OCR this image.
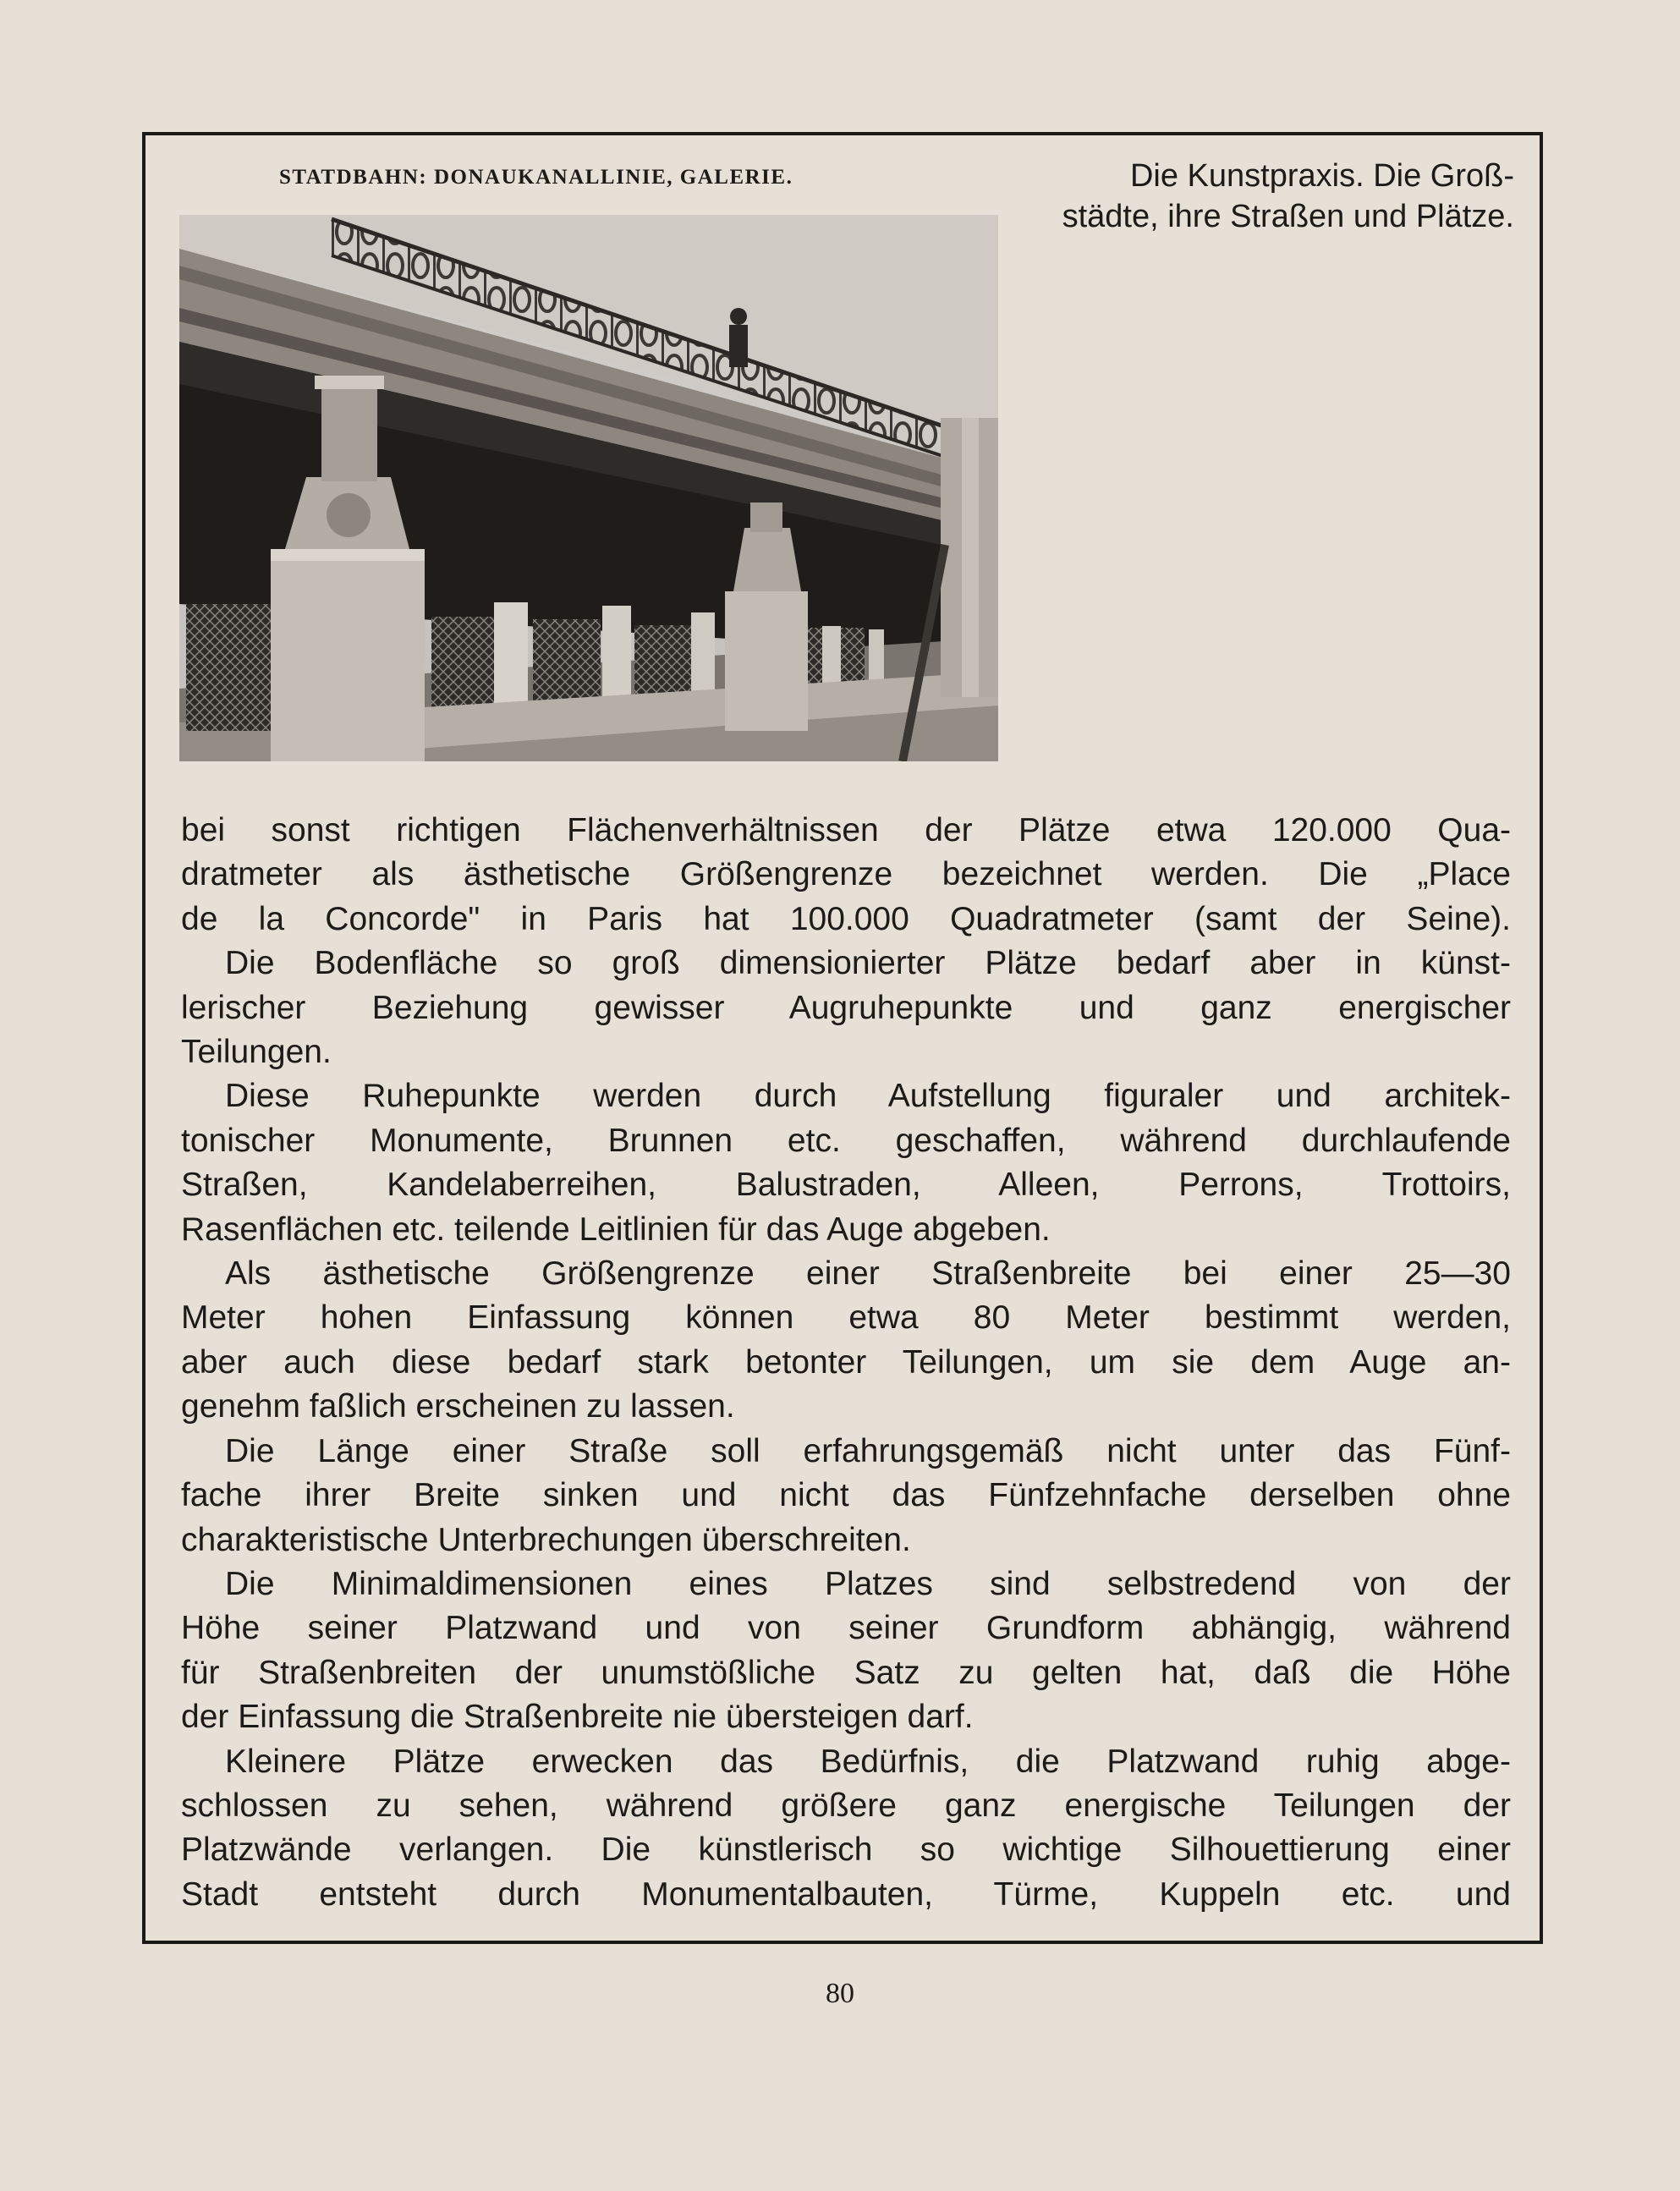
STATDBAHN: DONAUKANALLINIE, GALERIE.	Die Kunstpraxis. Die Groß-
städte, ihre Straßen und Plätze.
bei sonst richtigen Flächenverhältnissen der Plätze etwa 120.000 Qua-
dratmeter als ästhetische Größengrenze bezeichnet werden. Die „Place
de la Concorde" in Paris hat 100.000 Quadratmeter (samt der Seine).
Die Bodenfläche so groß dimensionierter Plätze bedarf aber in künst-
lerischer Beziehung gewisser Augruhepunkte und ganz energischer
Teilungen.
Diese Ruhepunkte werden durch Aufstellung figuraler und architek-
tonischer Monumente, Brunnen etc. geschaffen, während durchlaufende
Straßen, Kandelaberreihen, Balustraden, Alleen, Perrons, Trottoirs,
Rasenflächen etc. teilende Leitlinien für das Auge abgeben.
Als ästhetische Größengrenze einer Straßenbreite bei einer 25—30
Meter hohen Einfassung können etwa 80 Meter bestimmt werden,
aber auch diese bedarf stark betonter Teilungen, um sie dem Auge an-
genehm faßlich erscheinen zu lassen.
Die Länge einer Straße soll erfahrungsgemäß nicht unter das Fünf-
fache ihrer Breite sinken und nicht das Fünfzehnfache derselben ohne
charakteristische Unterbrechungen überschreiten.
Die Minimaldimensionen eines Platzes sind selbstredend von der
Höhe seiner Platzwand und von seiner Grundform abhängig, während
für Straßenbreiten der unumstößliche Satz zu gelten hat, daß die Höhe
der Einfassung die Straßenbreite nie übersteigen darf.
Kleinere Plätze erwecken das Bedürfnis, die Platzwand ruhig abge-
schlossen zu sehen, während größere ganz energische Teilungen der
Platzwände verlangen. Die künstlerisch so wichtige Silhouettierung einer
Stadt entsteht durch Monumentalbauten, Türme, Kuppeln etc. und
80
